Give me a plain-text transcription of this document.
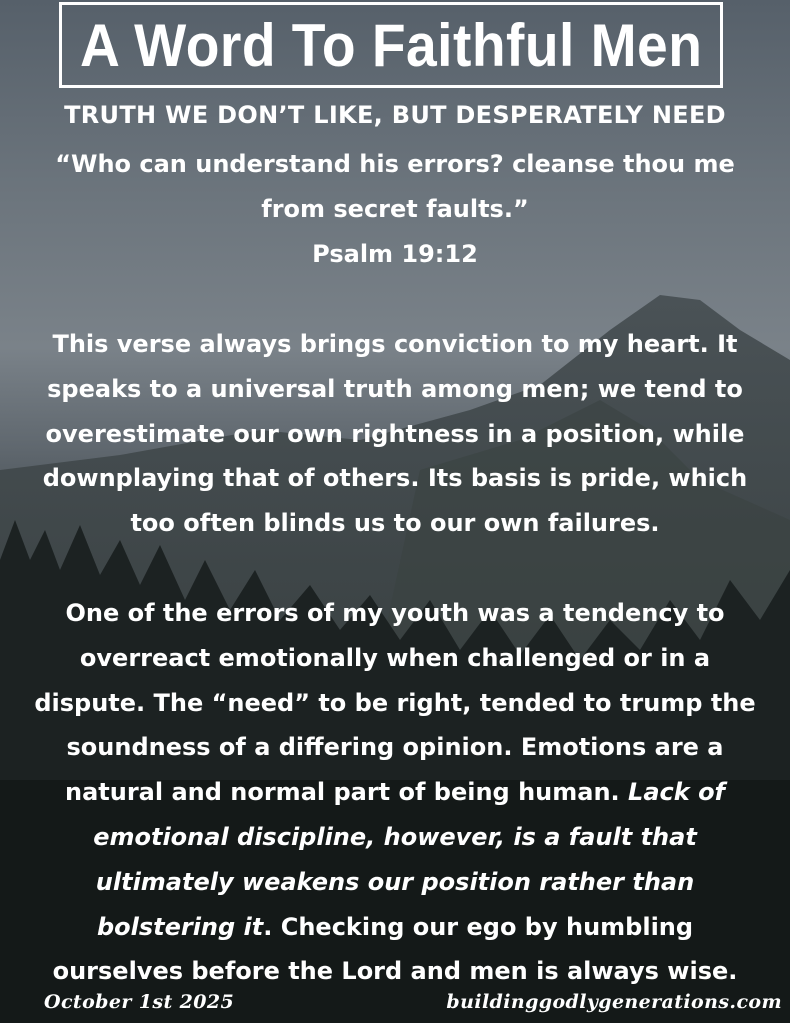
A Word To Faithful Men
TRUTH WE DON’T LIKE, BUT DESPERATELY NEED
“Who can understand his errors? cleanse thou me
from secret faults.”
Psalm 19:12
This verse always brings conviction to my heart. It
speaks to a universal truth among men; we tend to
overestimate our own rightness in a position, while
downplaying that of others. Its basis is pride, which
too often blinds us to our own failures.
One of the errors of my youth was a tendency to
overreact emotionally when challenged or in a
dispute. The “need” to be right, tended to trump the
soundness of a differing opinion. Emotions are a
natural and normal part of being human. Lack of
emotional discipline, however, is a fault that
ultimately weakens our position rather than
bolstering it. Checking our ego by humbling
ourselves before the Lord and men is always wise.
October 1st 2025	buildinggodlygenerations.com
